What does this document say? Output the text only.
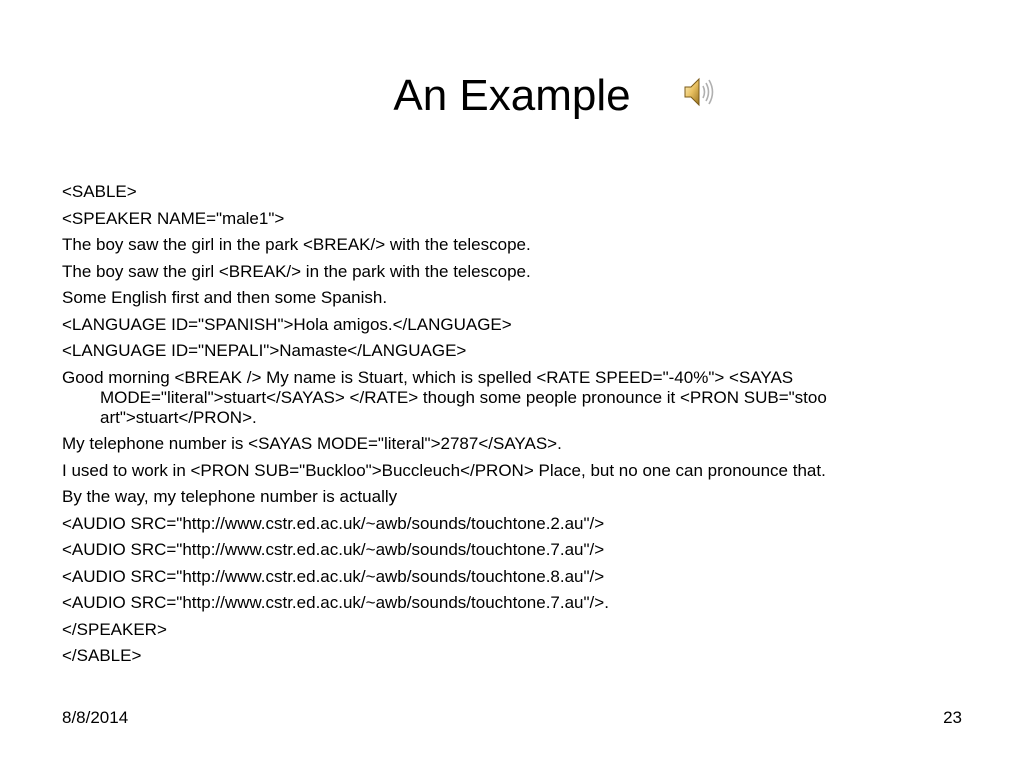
An Example
<SABLE>
<SPEAKER NAME="male1">
The boy saw the girl in the park <BREAK/> with the telescope.
The boy saw the girl <BREAK/> in the park with the telescope.
Some English first and then some Spanish.
<LANGUAGE ID="SPANISH">Hola amigos.</LANGUAGE>
<LANGUAGE ID="NEPALI">Namaste</LANGUAGE>
Good morning <BREAK /> My name is Stuart, which is spelled <RATE SPEED="-40%"> <SAYAS MODE="literal">stuart</SAYAS> </RATE> though some people pronounce it <PRON SUB="stoo art">stuart</PRON>.
My telephone number is <SAYAS MODE="literal">2787</SAYAS>.
I used to work in <PRON SUB="Buckloo">Buccleuch</PRON> Place, but no one can pronounce that.
By the way, my telephone number is actually
<AUDIO SRC="http://www.cstr.ed.ac.uk/~awb/sounds/touchtone.2.au"/>
<AUDIO SRC="http://www.cstr.ed.ac.uk/~awb/sounds/touchtone.7.au"/>
<AUDIO SRC="http://www.cstr.ed.ac.uk/~awb/sounds/touchtone.8.au"/>
<AUDIO SRC="http://www.cstr.ed.ac.uk/~awb/sounds/touchtone.7.au"/>.
</SPEAKER>
</SABLE>
8/8/2014	23
